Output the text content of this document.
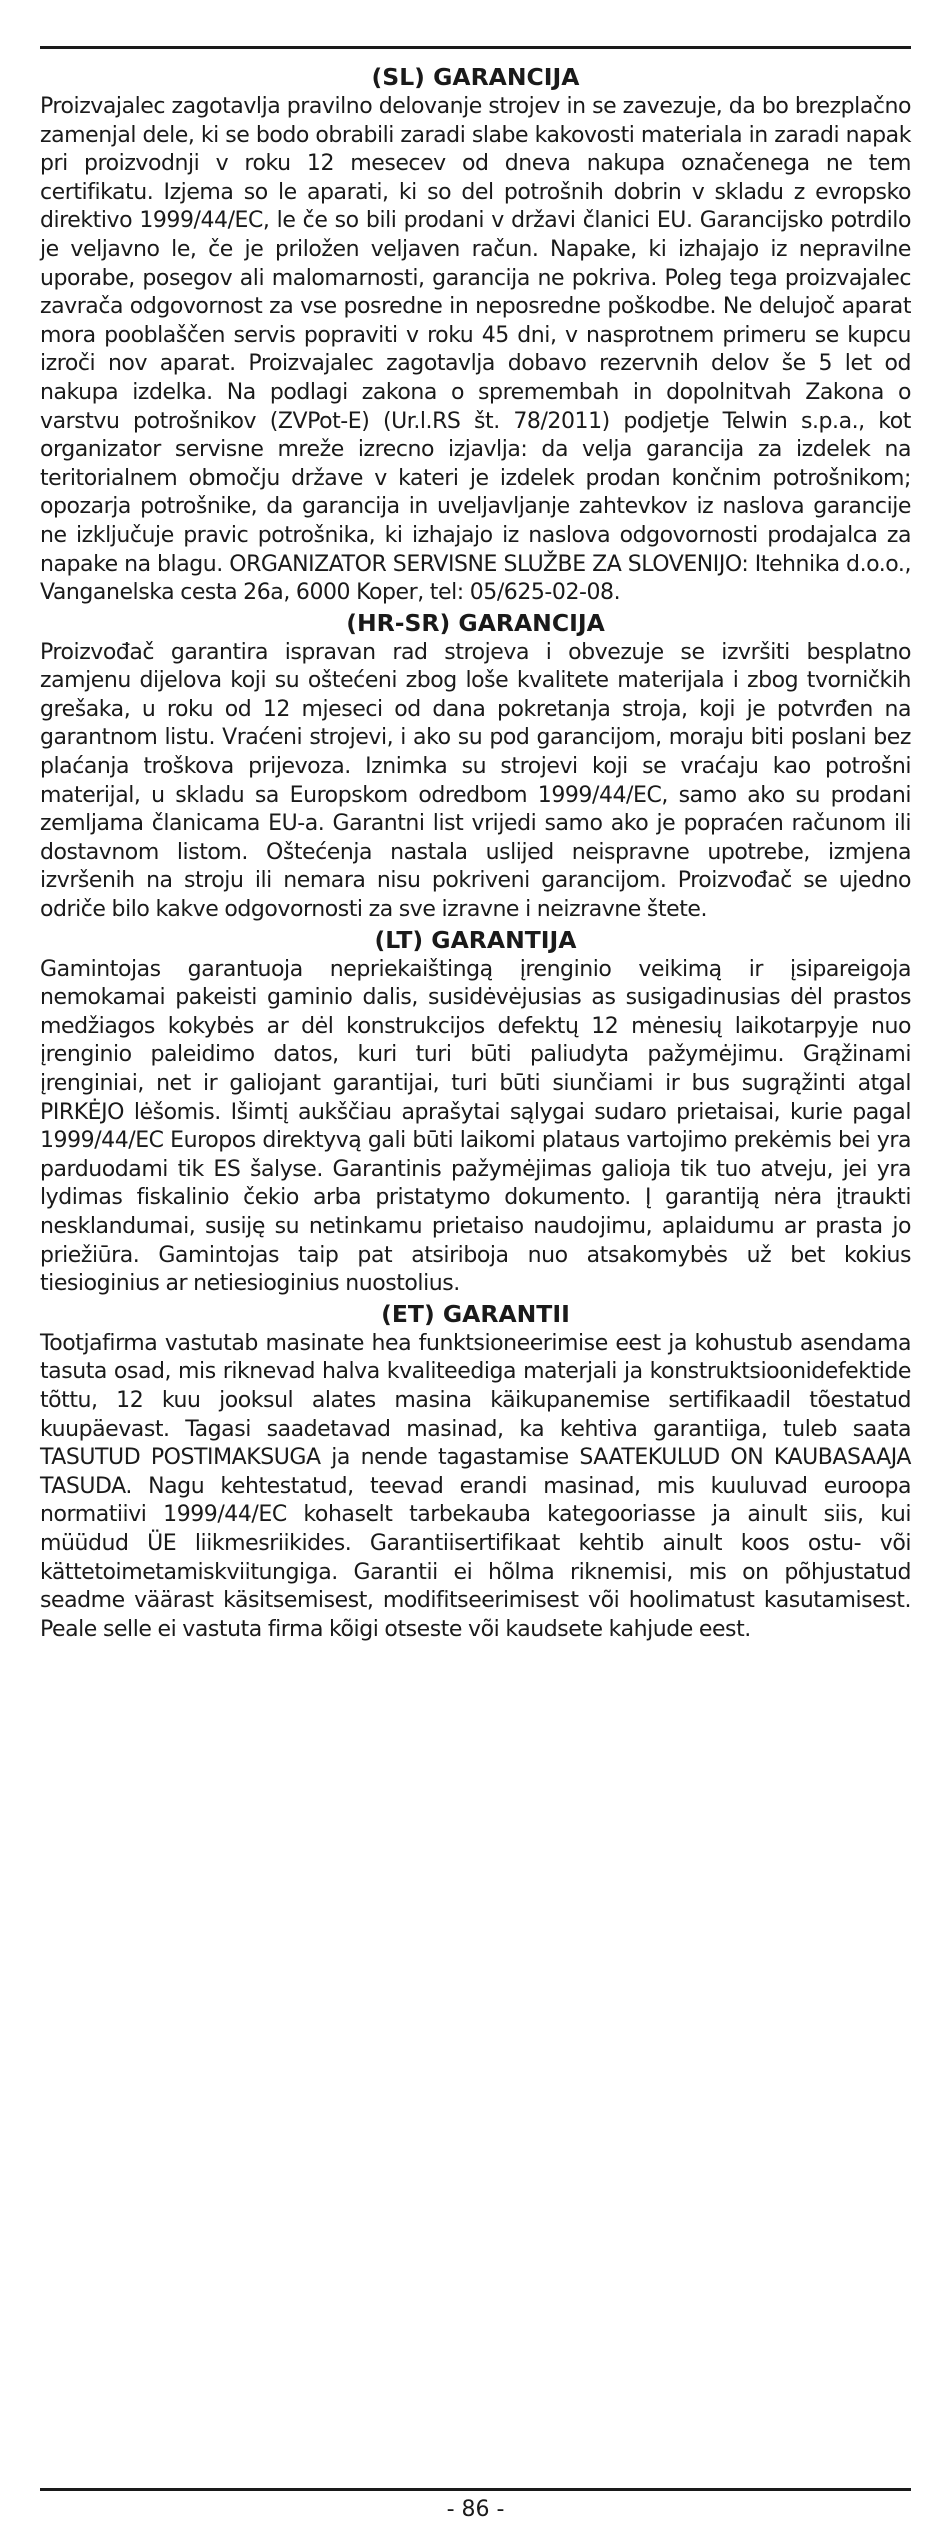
(SL) GARANCIJA

Proizvajalec zagotavlja pravilno delovanje strojev in se zavezuje, da bo brezplačno zamenjal dele, ki se bodo obrabili zaradi slabe kakovosti materiala in zaradi napak pri proizvodnji v roku 12 mesecev od dneva nakupa označenega ne tem certifikatu. Izjema so le aparati, ki so del potrošnih dobrin v skladu z evropsko direktivo 1999/44/EC, le če so bili prodani v državi članici EU. Garancijsko potrdilo je veljavno le, če je priložen veljaven račun. Napake, ki izhajajo iz nepravilne uporabe, posegov ali malomarnosti, garancija ne pokriva. Poleg tega proizvajalec zavrača odgovornost za vse posredne in neposredne poškodbe. Ne delujoč aparat mora pooblaščen servis popraviti v roku 45 dni, v nasprotnem primeru se kupcu izroči nov aparat. Proizvajalec zagotavlja dobavo rezervnih delov še 5 let od nakupa izdelka. Na podlagi zakona o spremembah in dopolnitvah Zakona o varstvu potrošnikov (ZVPot-E) (Ur.l.RS št. 78/2011) podjetje Telwin s.p.a., kot organizator servisne mreže izrecno izjavlja: da velja garancija za izdelek na teritorialnem območju države v kateri je izdelek prodan končnim potrošnikom; opozarja potrošnike, da garancija in uveljavljanje zahtevkov iz naslova garancije ne izključuje pravic potrošnika, ki izhajajo iz naslova odgovornosti prodajalca za napake na blagu. ORGANIZATOR SERVISNE SLUŽBE ZA SLOVENIJO: Itehnika d.o.o., Vanganelska cesta 26a, 6000 Koper, tel: 05/625-02-08.

(HR-SR) GARANCIJA

Proizvođač garantira ispravan rad strojeva i obvezuje se izvršiti besplatno zamjenu dijelova koji su oštećeni zbog loše kvalitete materijala i zbog tvorničkih grešaka, u roku od 12 mjeseci od dana pokretanja stroja, koji je potvrđen na garantnom listu. Vraćeni strojevi, i ako su pod garancijom, moraju biti poslani bez plaćanja troškova prijevoza. Iznimka su strojevi koji se vraćaju kao potrošni materijal, u skladu sa Europskom odredbom 1999/44/EC, samo ako su prodani zemljama članicama EU-a. Garantni list vrijedi samo ako je popraćen računom ili dostavnom listom. Oštećenja nastala uslijed neispravne upotrebe, izmjena izvršenih na stroju ili nemara nisu pokriveni garancijom. Proizvođač se ujedno odriče bilo kakve odgovornosti za sve izravne i neizravne štete.

(LT) GARANTIJA

Gamintojas garantuoja nepriekaištingą įrenginio veikimą ir įsipareigoja nemokamai pakeisti gaminio dalis, susidėvėjusias as susigadinusias dėl prastos medžiagos kokybės ar dėl konstrukcijos defektų 12 mėnesių laikotarpyje nuo įrenginio paleidimo datos, kuri turi būti paliudyta pažymėjimu. Grąžinami įrenginiai, net ir galiojant garantijai, turi būti siunčiami ir bus sugrąžinti atgal PIRKĖJO lėšomis. Išimtį aukščiau aprašytai sąlygai sudaro prietaisai, kurie pagal 1999/44/EC Europos direktyvą gali būti laikomi plataus vartojimo prekėmis bei yra parduodami tik ES šalyse. Garantinis pažymėjimas galioja tik tuo atveju, jei yra lydimas fiskalinio čekio arba pristatymo dokumento. Į garantiją nėra įtraukti nesklandumai, susiję su netinkamu prietaiso naudojimu, aplaidumu ar prasta jo priežiūra. Gamintojas taip pat atsiriboja nuo atsakomybės už bet kokius tiesioginius ar netiesioginius nuostolius.

(ET) GARANTII

Tootjafirma vastutab masinate hea funktsioneerimise eest ja kohustub asendama tasuta osad, mis riknevad halva kvaliteediga materjali ja konstruktsioonidefektide tõttu, 12 kuu jooksul alates masina käikupanemise sertifikaadil tõestatud kuupäevast. Tagasi saadetavad masinad, ka kehtiva garantiiga, tuleb saata TASUTUD POSTIMAKSUGA ja nende tagastamise SAATEKULUD ON KAUBASAAJA TASUDA. Nagu kehtestatud, teevad erandi masinad, mis kuuluvad euroopa normatiivi 1999/44/EC kohaselt tarbekauba kategooriasse ja ainult siis, kui müüdud ÜE liikmesriikides. Garantiisertifikaat kehtib ainult koos ostu- või kättetoimetamiskviitungiga. Garantii ei hõlma riknemisi, mis on põhjustatud seadme väärast käsitsemisest, modifitseerimisest või hoolimatust kasutamisest. Peale selle ei vastuta firma kõigi otseste või kaudsete kahjude eest.

- 86 -
